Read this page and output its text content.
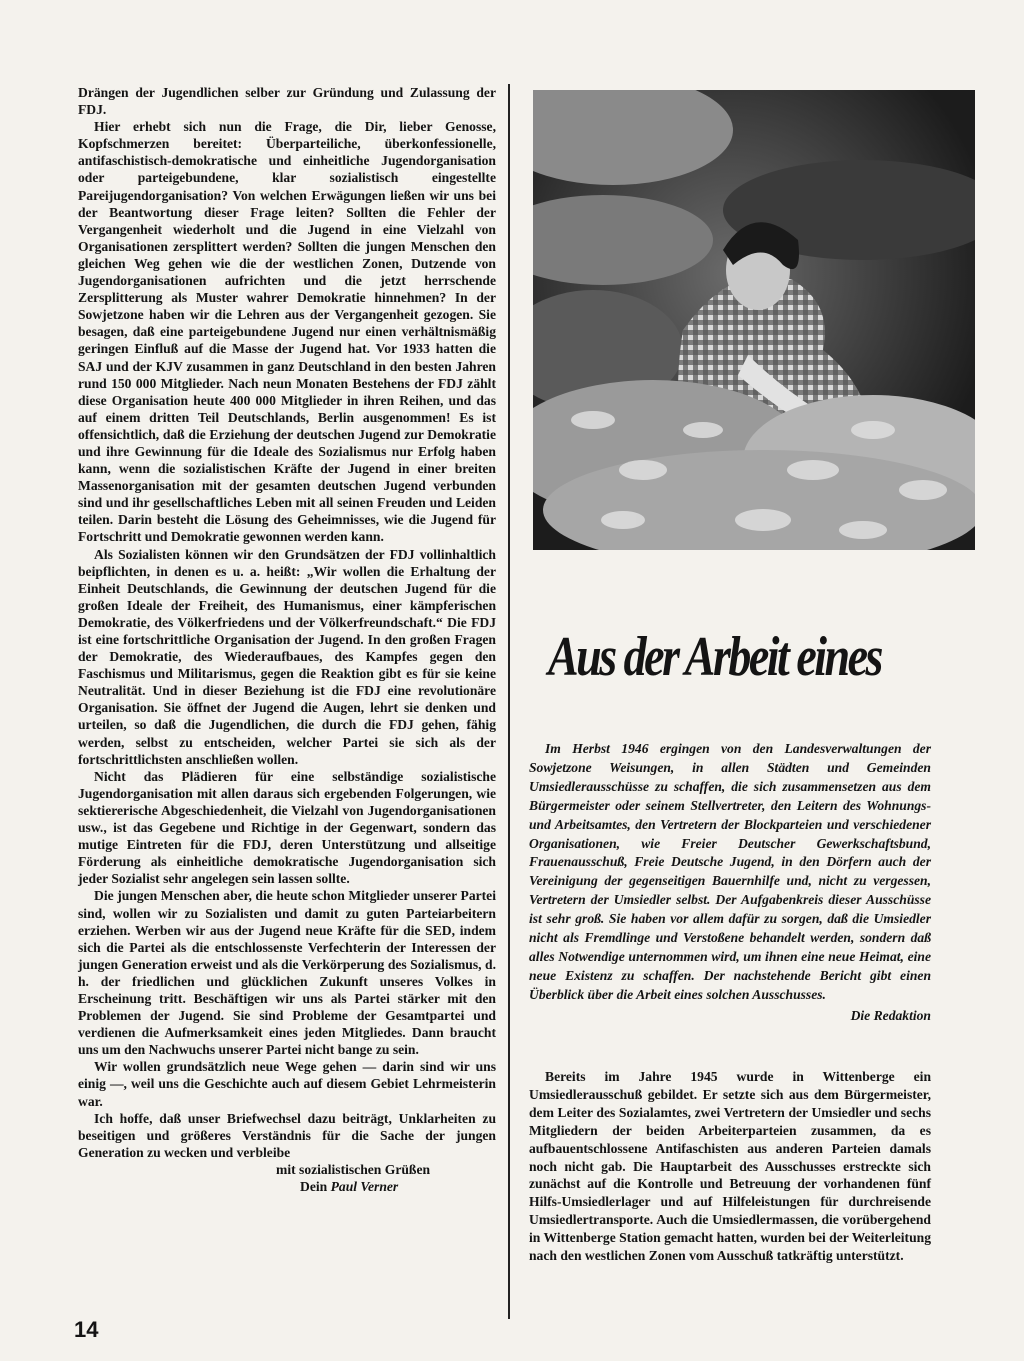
Drängen der Jugendlichen selber zur Gründung und Zulassung der FDJ.

Hier erhebt sich nun die Frage, die Dir, lieber Genosse, Kopfschmerzen bereitet: Überparteiliche, überkonfessionelle, antifaschistisch-demokratische und einheitliche Jugendorganisation oder parteigebundene, klar sozialistisch eingestellte Pareijugendorganisation? Von welchen Erwägungen ließen wir uns bei der Beantwortung dieser Frage leiten? Sollten die Fehler der Vergangenheit wiederholt und die Jugend in eine Vielzahl von Organisationen zersplittert werden? Sollten die jungen Menschen den gleichen Weg gehen wie die der westlichen Zonen, Dutzende von Jugendorganisationen aufrichten und die jetzt herrschende Zersplitterung als Muster wahrer Demokratie hinnehmen? In der Sowjetzone haben wir die Lehren aus der Vergangenheit gezogen. Sie besagen, daß eine parteigebundene Jugend nur einen verhältnismäßig geringen Einfluß auf die Masse der Jugend hat. Vor 1933 hatten die SAJ und der KJV zusammen in ganz Deutschland in den besten Jahren rund 150 000 Mitglieder. Nach neun Monaten Bestehens der FDJ zählt diese Organisation heute 400 000 Mitglieder in ihren Reihen, und das auf einem dritten Teil Deutschlands, Berlin ausgenommen! Es ist offensichtlich, daß die Erziehung der deutschen Jugend zur Demokratie und ihre Gewinnung für die Ideale des Sozialismus nur Erfolg haben kann, wenn die sozialistischen Kräfte der Jugend in einer breiten Massenorganisation mit der gesamten deutschen Jugend verbunden sind und ihr gesellschaftliches Leben mit all seinen Freuden und Leiden teilen. Darin besteht die Lösung des Geheimnisses, wie die Jugend für Fortschritt und Demokratie gewonnen werden kann.

Als Sozialisten können wir den Grundsätzen der FDJ vollinhaltlich beipflichten, in denen es u. a. heißt: „Wir wollen die Erhaltung der Einheit Deutschlands, die Gewinnung der deutschen Jugend für die großen Ideale der Freiheit, des Humanismus, einer kämpferischen Demokratie, des Völkerfriedens und der Völkerfreundschaft.“ Die FDJ ist eine fortschrittliche Organisation der Jugend. In den großen Fragen der Demokratie, des Wiederaufbaues, des Kampfes gegen den Faschismus und Militarismus, gegen die Reaktion gibt es für sie keine Neutralität. Und in dieser Beziehung ist die FDJ eine revolutionäre Organisation. Sie öffnet der Jugend die Augen, lehrt sie denken und urteilen, so daß die Jugendlichen, die durch die FDJ gehen, fähig werden, selbst zu entscheiden, welcher Partei sie sich als der fortschrittlichsten anschließen wollen.

Nicht das Plädieren für eine selbständige sozialistische Jugendorganisation mit allen daraus sich ergebenden Folgerungen, wie sektiererische Abgeschiedenheit, die Vielzahl von Jugendorganisationen usw., ist das Gegebene und Richtige in der Gegenwart, sondern das mutige Eintreten für die FDJ, deren Unterstützung und allseitige Förderung als einheitliche demokratische Jugendorganisation sich jeder Sozialist sehr angelegen sein lassen sollte.

Die jungen Menschen aber, die heute schon Mitglieder unserer Partei sind, wollen wir zu Sozialisten und damit zu guten Parteiarbeitern erziehen. Werben wir aus der Jugend neue Kräfte für die SED, indem sich die Partei als die entschlossenste Verfechterin der Interessen der jungen Generation erweist und als die Verkörperung des Sozialismus, d. h. der friedlichen und glücklichen Zukunft unseres Volkes in Erscheinung tritt. Beschäftigen wir uns als Partei stärker mit den Problemen der Jugend. Sie sind Probleme der Gesamtpartei und verdienen die Aufmerksamkeit eines jeden Mitgliedes. Dann braucht uns um den Nachwuchs unserer Partei nicht bange zu sein.

Wir wollen grundsätzlich neue Wege gehen — darin sind wir uns einig —, weil uns die Geschichte auch auf diesem Gebiet Lehrmeisterin war.

Ich hoffe, daß unser Briefwechsel dazu beiträgt, Unklarheiten zu beseitigen und größeres Verständnis für die Sache der jungen Generation zu wecken und verbleibe

mit sozialistischen Grüßen
Dein Paul Verner
14
Aus der Arbeit eines

Im Herbst 1946 ergingen von den Landesverwaltungen der Sowjetzone Weisungen, in allen Städten und Gemeinden Umsiedlerausschüsse zu schaffen, die sich zusammensetzen aus dem Bürgermeister oder seinem Stellvertreter, den Leitern des Wohnungs- und Arbeitsamtes, den Vertretern der Blockparteien und verschiedener Organisationen, wie Freier Deutscher Gewerkschaftsbund, Frauenausschuß, Freie Deutsche Jugend, in den Dörfern auch der Vereinigung der gegenseitigen Bauernhilfe und, nicht zu vergessen, Vertretern der Umsiedler selbst. Der Aufgabenkreis dieser Ausschüsse ist sehr groß. Sie haben vor allem dafür zu sorgen, daß die Umsiedler nicht als Fremdlinge und Verstoßene behandelt werden, sondern daß alles Notwendige unternommen wird, um ihnen eine neue Heimat, eine neue Existenz zu schaffen. Der nachstehende Bericht gibt einen Überblick über die Arbeit eines solchen Ausschusses.

Die Redaktion

Bereits im Jahre 1945 wurde in Wittenberge ein Umsiedlerausschuß gebildet. Er setzte sich aus dem Bürgermeister, dem Leiter des Sozialamtes, zwei Vertretern der Umsiedler und sechs Mitgliedern der beiden Arbeiterparteien zusammen, da es aufbauentschlossene Antifaschisten aus anderen Parteien damals noch nicht gab. Die Hauptarbeit des Ausschusses erstreckte sich zunächst auf die Kontrolle und Betreuung der vorhandenen fünf Hilfs-Umsiedlerlager und auf Hilfeleistungen für durchreisende Umsiedlertransporte. Auch die Umsiedlermassen, die vorübergehend in Wittenberge Station gemacht hatten, wurden bei der Weiterleitung nach den westlichen Zonen vom Ausschuß tatkräftig unterstützt.
